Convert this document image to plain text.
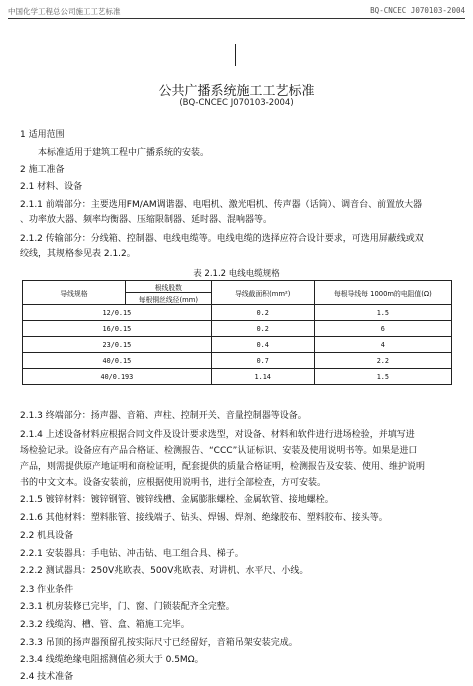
中国化学工程总公司施工工艺标准	BQ-CNCEC J070103-2004
公共广播系统施工工艺标准
(BQ-CNCEC J070103-2004)
1 适用范围
本标准适用于建筑工程中广播系统的安装。
2 施工准备
2.1 材料、设备
2.1.1 前端部分：主要选用FM/AM调谐器、电唱机、激光唱机、传声器（话筒）、调音台、前置放大器
、功率放大器、频率均衡器、压缩限制器、延时器、混响器等。
2.1.2 传输部分：分线箱、控制器、电线电缆等。电线电缆的选择应符合设计要求，可选用屏蔽线或双
绞线，其规格参见表 2.1.2。
表 2.1.2 电线电缆规格
导线规格	根线股数	导线截面积(mm²)	每根导线每 1000m的电阻值(Ω)
	每根铜丝线径(mm)		
12/0.15		0.2	1.5
16/0.15		0.2	6
23/0.15		0.4	4
40/0.15		0.7	2.2
40/0.193		1.14	1.5
2.1.3 终端部分：扬声器、音箱、声柱、控制开关、音量控制器等设备。
2.1.4 上述设备材料应根据合同文件及设计要求选型，对设备、材料和软件进行进场检验，并填写进
场检验记录。设备应有产品合格证、检测报告、“CCC”认证标识、安装及使用说明书等。如果是进口
产品，则需提供原产地证明和商检证明，配套提供的质量合格证明，检测报告及安装、使用、维护说明
书的中文文本。设备安装前，应根据使用说明书，进行全部检查，方可安装。
2.1.5 镀锌材料：镀锌钢管、镀锌线槽、金属膨胀螺栓、金属软管、接地螺栓。
2.1.6 其他材料：塑料胀管、接线端子、钻头、焊锡、焊剂、绝缘胶布、塑料胶布、接头等。
2.2 机具设备
2.2.1 安装器具：手电钻、冲击钻、电工组合具、梯子。
2.2.2 测试器具：250V兆欧表、500V兆欧表、对讲机、水平尺、小线。
2.3 作业条件
2.3.1 机房装修已完毕，门、窗、门锁装配齐全完整。
2.3.2 线缆沟、槽、管、盒、箱施工完毕。
2.3.3 吊顶的扬声器预留孔按实际尺寸已经留好，音箱吊架安装完成。
2.3.4 线缆绝缘电阻摇测值必须大于 0.5MΩ。
2.4 技术准备
